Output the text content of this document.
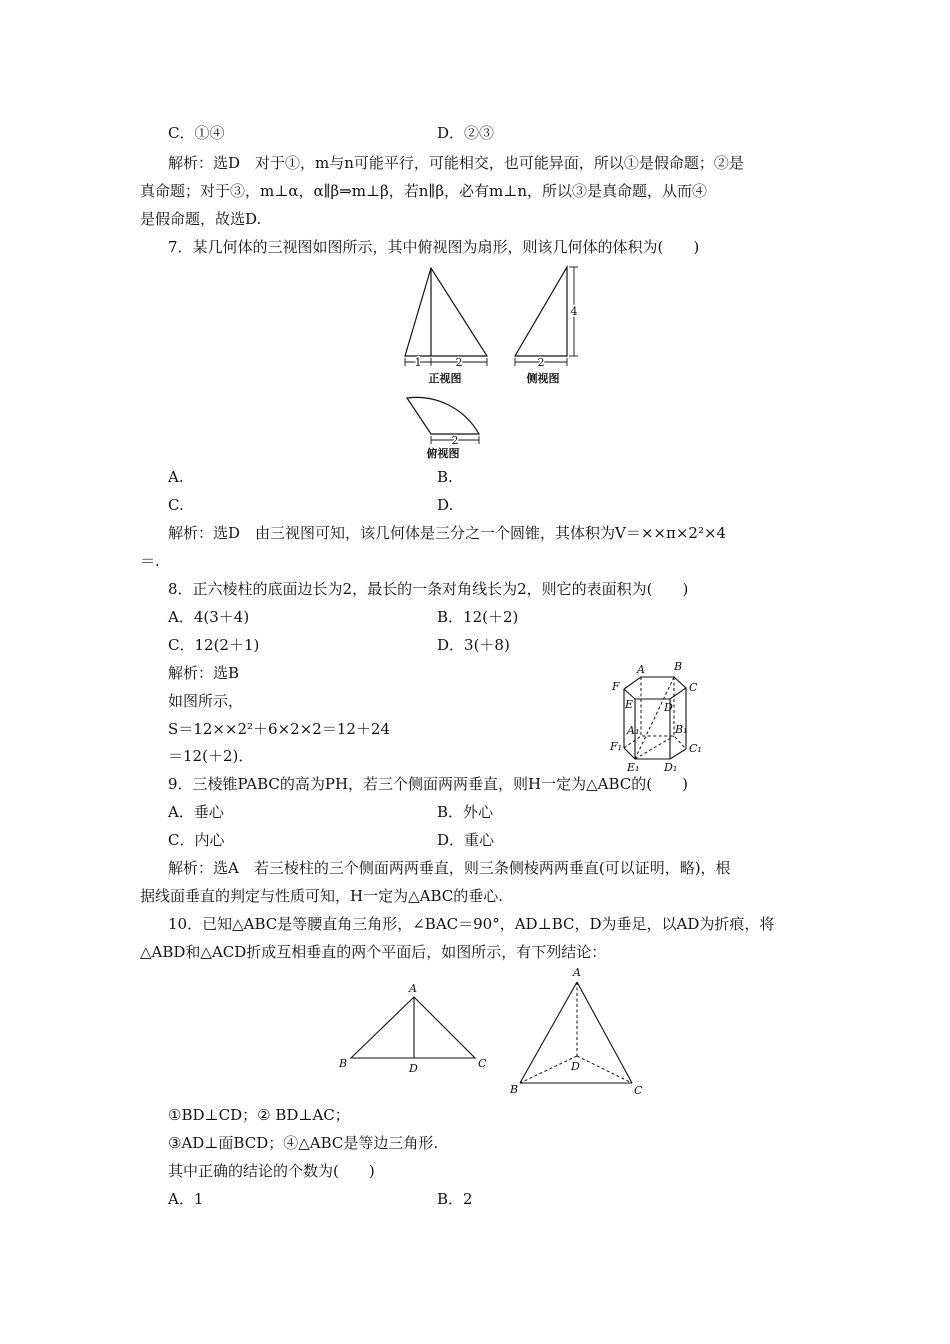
C．①④	D．②③
解析：选D　对于①，m与n可能平行，可能相交，也可能异面，所以①是假命题；②是
真命题；对于③，m⊥α，α∥β⇒m⊥β，若n∥β，必有m⊥n，所以③是真命题，从而④
是假命题，故选D.
7．某几何体的三视图如图所示，其中俯视图为扇形，则该几何体的体积为(　　)
1	2
正视图
2
4
侧视图
2
俯视图
A.	B.
C.	D.
解析：选D　由三视图可知，该几何体是三分之一个圆锥，其体积为V＝××π×2²×4
＝.
8．正六棱柱的底面边长为2，最长的一条对角线长为2，则它的表面积为(　　)
A．4(3＋4)	B．12(＋2)
C．12(2＋1)	D．3(＋8)
解析：选B
如图所示，
S＝12××2²＋6×2×2＝12＋24
＝12(＋2)．
A	B
C
D
E
F
A₁	B₁
C₁
D₁
E₁
F₁
9．三棱锥PABC的高为PH，若三个侧面两两垂直，则H一定为△ABC的(　　)
A．垂心	B．外心
C．内心	D．重心
解析：选A　若三棱柱的三个侧面两两垂直，则三条侧棱两两垂直(可以证明，略)，根
据线面垂直的判定与性质可知，H一定为△ABC的垂心.
10．已知△ABC是等腰直角三角形，∠BAC＝90°，AD⊥BC，D为垂足，以AD为折痕，将
△ABD和△ACD折成互相垂直的两个平面后，如图所示，有下列结论：
A
B	C
D
A
B	C
D
①BD⊥CD；② BD⊥AC；
③AD⊥面BCD；④△ABC是等边三角形.
其中正确的结论的个数为(　　)
A．1	B．2
